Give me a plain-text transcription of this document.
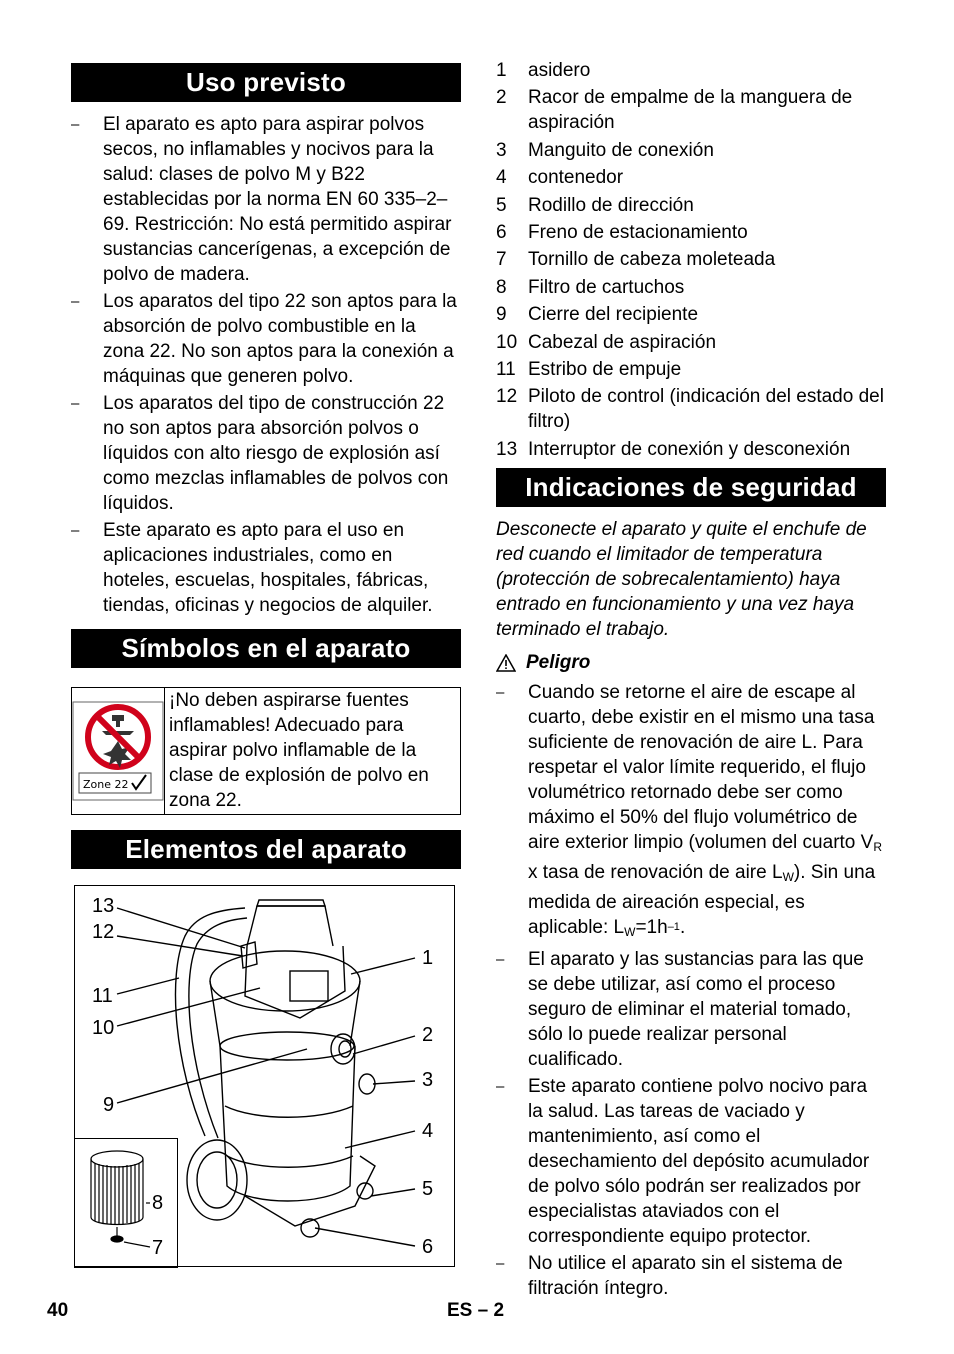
Uso previsto
– El aparato es apto para aspirar polvos secos, no inflamables y nocivos para la salud: clases de polvo M y B22 establecidas por la norma EN 60 335–2–69. Restricción: No está permitido aspirar sustancias cancerígenas, a excepción de polvo de madera.
– Los aparatos del tipo 22 son aptos para la absorción de polvo combustible en la zona 22. No son aptos para la conexión a máquinas que generen polvo.
– Los aparatos del tipo de construcción 22 no son aptos para absorción polvos o líquidos con alto riesgo de explosión así como mezclas inflamables de polvos con líquidos.
– Este aparato es apto para el uso en aplicaciones industriales, como en hoteles, escuelas, hospitales, fábricas, tiendas, oficinas y negocios de alquiler.
Símbolos en el aparato
Zone 22
¡No deben aspirarse fuentes inflamables! Adecuado para aspirar polvo inflamable de la clase de explosión de polvo en zona 22.
Elementos del aparato
13
12
11
10
9
1
2
3
4
5
6
8
7
1	asidero
2	Racor de empalme de la manguera de aspiración
3	Manguito de conexión
4	contenedor
5	Rodillo de dirección
6	Freno de estacionamiento
7	Tornillo de cabeza moleteada
8	Filtro de cartuchos
9	Cierre del recipiente
10 Cabezal de aspiración
11 Estribo de empuje
12 Piloto de control (indicación del estado del filtro)
13 Interruptor de conexión y desconexión
Indicaciones de seguridad

Desconecte el aparato y quite el enchufe de red cuando el limitador de temperatura (protección de sobrecalentamiento) haya entrado en funcionamiento y una vez haya terminado el trabajo.

Peligro
– Cuando se retorne el aire de escape al cuarto, debe existir en el mismo una tasa suficiente de renovación de aire L. Para respetar el valor límite requerido, el flujo volumétrico retornado debe ser como máximo el 50% del flujo volumétrico de aire exterior limpio (volumen del cuarto $V_R$ x tasa de renovación de aire $L_W$). Sin una medida de aireación especial, es aplicable: $L_W=1h^{-1}$.
– El aparato y las sustancias para las que se debe utilizar, así como el proceso seguro de eliminar el material tomado, sólo lo puede realizar personal cualificado.
– Este aparato contiene polvo nocivo para la salud. Las tareas de vaciado y mantenimiento, así como el desechamiento del depósito acumulador de polvo sólo podrán ser realizados por especialistas ataviados con el correspondiente equipo protector.
– No utilice el aparato sin el sistema de filtración íntegro.
40	ES – 2
